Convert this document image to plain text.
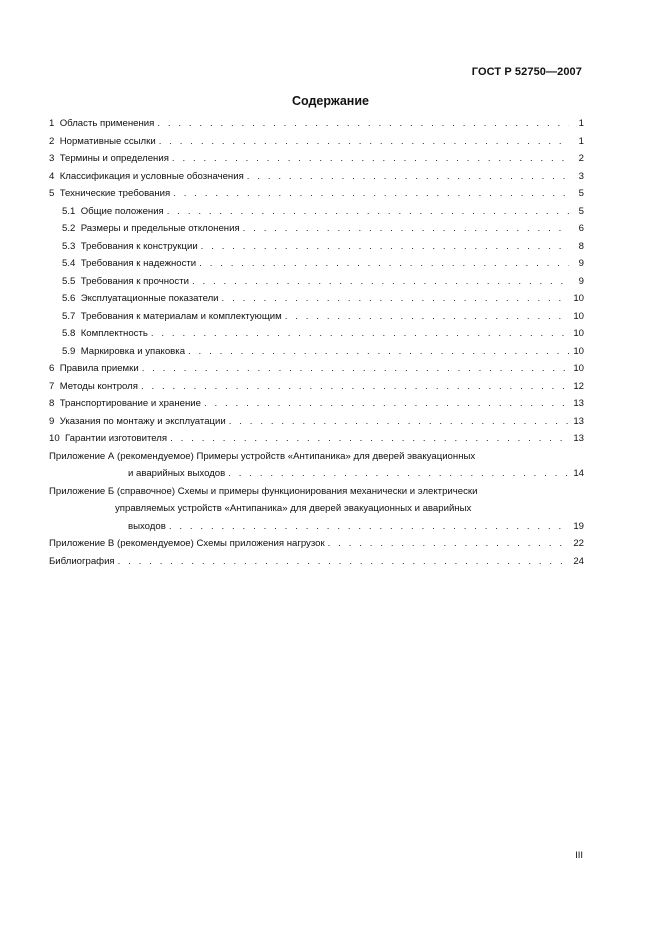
ГОСТ Р 52750—2007
Содержание
1 Область применения . . .	1
2 Нормативные ссылки . . .	1
3 Термины и определения . . .	2
4 Классификация и условные обозначения . . .	3
5 Технические требования . . .	5
5.1 Общие положения . . .	5
5.2 Размеры и предельные отклонения . . .	6
5.3 Требования к конструкции . . .	8
5.4 Требования к надежности . . .	9
5.5  Требования к прочности . . .	9
5.6 Эксплуатационные показатели . . .	10
5.7 Требования к материалам и комплектующим . . .	10
5.8 Комплектность . . .	10
5.9 Маркировка и упаковка . . .	10
6 Правила приемки . . .	10
7 Методы контроля . . .	12
8 Транспортирование и хранение . . .	13
9 Указания по монтажу и эксплуатации . . .	13
10 Гарантии изготовителя . . .	13
Приложение А (рекомендуемое) Примеры устройств «Антипаника» для дверей эвакуационных
и аварийных выходов . . .	14
Приложение Б (справочное) Схемы и примеры функционирования механически и электрически
управляемых устройств «Антипаника» для дверей эвакуационных и аварийных
выходов . . .	19
Приложение В (рекомендуемое) Схемы приложения нагрузок . . .	22
Библиография . . .	24
III
